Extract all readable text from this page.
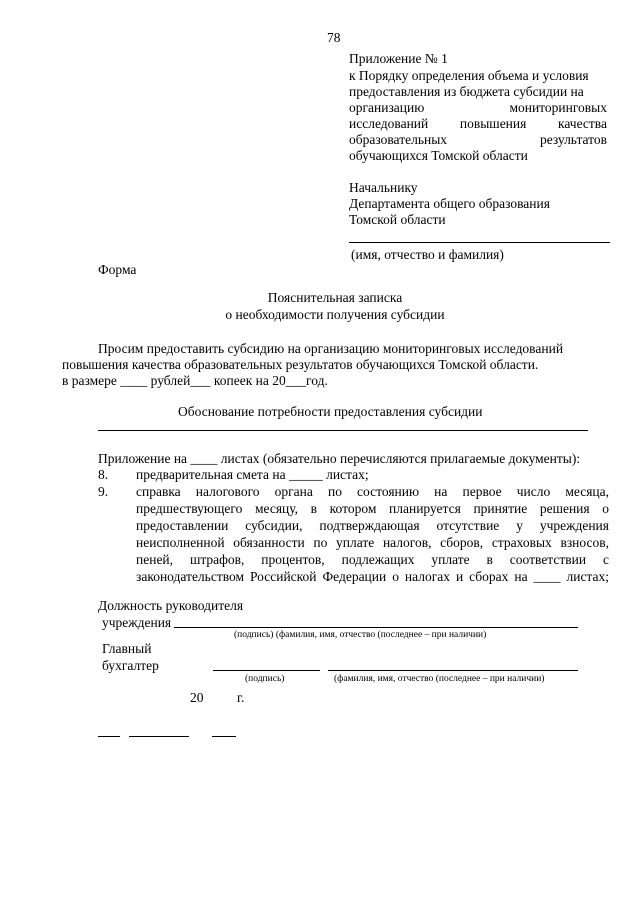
78
Приложение № 1
к Порядку определения объема и условия
предоставления из бюджета субсидии на
организацию	мониторинговых
исследований повышения качества
образовательных	результатов
обучающихся Томской области
Начальнику
Департамента общего образования
Томской области
(имя, отчество и фамилия)
Форма
Пояснительная записка
о необходимости получения субсидии
Просим предоставить субсидию на организацию мониторинговых исследований
повышения качества образовательных результатов обучающихся Томской области.
в размере ____ рублей___ копеек на 20___год.
Обоснование потребности предоставления субсидии
Приложение на ____ листах (обязательно перечисляются прилагаемые документы):
8. предварительная смета на _____ листах;
9. справка налогового органа по состоянию на первое число месяца,
предшествующего месяцу, в котором планируется принятие решения о
предоставлении субсидии, подтверждающая отсутствие у учреждения
неисполненной обязанности по уплате налогов, сборов, страховых взносов,
пеней, штрафов, процентов, подлежащих уплате в соответствии с
законодательством Российской Федерации о налогах и сборах на ____ листах;
Должность руководителя
учреждения
(подпись) (фамилия, имя, отчество (последнее – при наличии)
Главный
бухгалтер
(подпись)	(фамилия, имя, отчество (последнее – при наличии)
20 г.
